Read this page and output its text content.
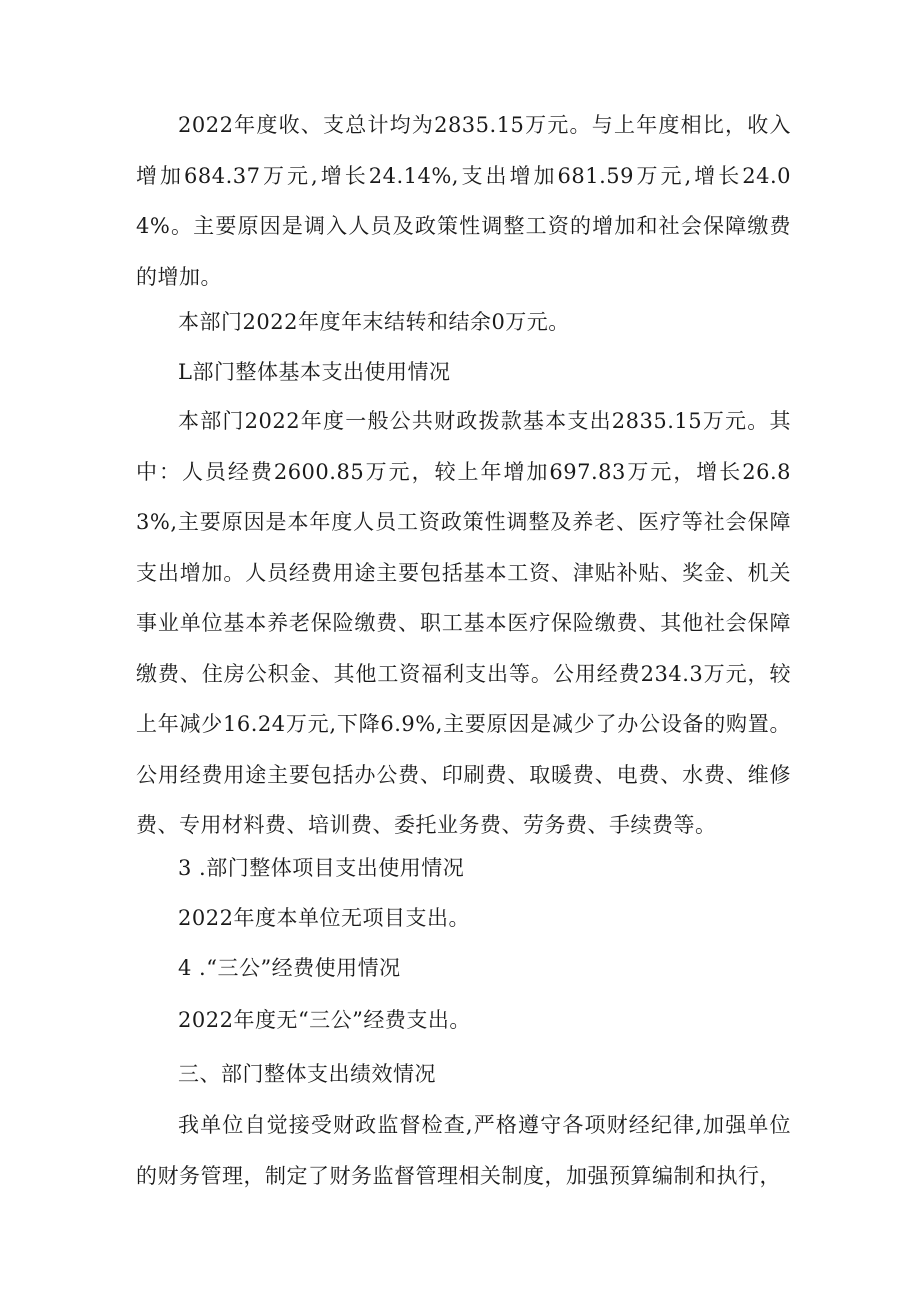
2022年度收、支总计均为2835.15万元。与上年度相比，收入增加684.37万元,增长24.14%,支出增加681.59万元,增长24.04%。主要原因是调入人员及政策性调整工资的增加和社会保障缴费的增加。

本部门2022年度年末结转和结余0万元。

L部门整体基本支出使用情况

本部门2022年度一般公共财政拨款基本支出2835.15万元。其中：人员经费2600.85万元，较上年增加697.83万元，增长26.83%,主要原因是本年度人员工资政策性调整及养老、医疗等社会保障支出增加。人员经费用途主要包括基本工资、津贴补贴、奖金、机关事业单位基本养老保险缴费、职工基本医疗保险缴费、其他社会保障缴费、住房公积金、其他工资福利支出等。公用经费234.3万元，较上年减少16.24万元,下降6.9%,主要原因是减少了办公设备的购置。公用经费用途主要包括办公费、印刷费、取暖费、电费、水费、维修费、专用材料费、培训费、委托业务费、劳务费、手续费等。

3 .部门整体项目支出使用情况

2022年度本单位无项目支出。

4 .“三公”经费使用情况

2022年度无“三公”经费支出。

三、部门整体支出绩效情况

我单位自觉接受财政监督检查,严格遵守各项财经纪律,加强单位的财务管理，制定了财务监督管理相关制度，加强预算编制和执行，
